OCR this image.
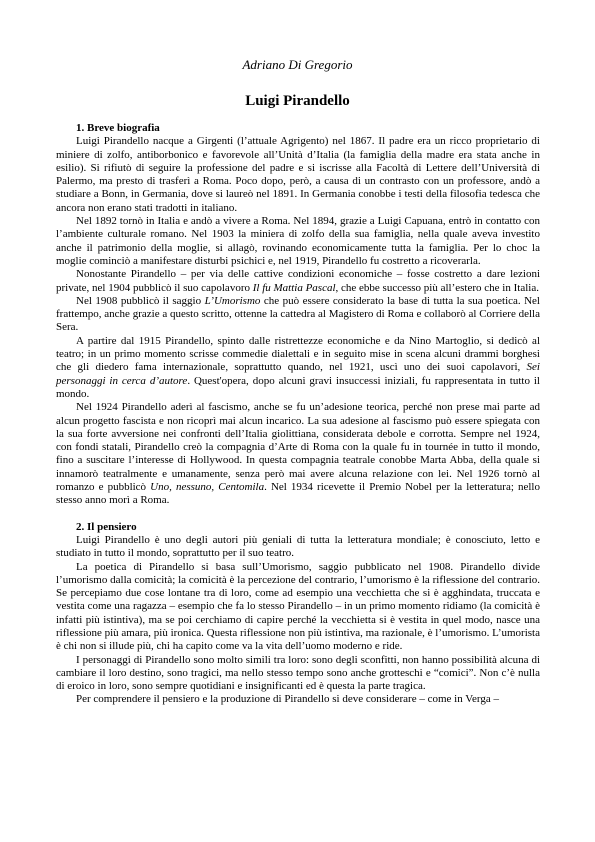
Adriano Di Gregorio
Luigi Pirandello

1. Breve biografia

Luigi Pirandello nacque a Girgenti (l’attuale Agrigento) nel 1867. Il padre era un ricco proprietario di miniere di zolfo, antiborbonico e favorevole all’Unità d’Italia (la famiglia della madre era stata anche in esilio). Si rifiutò di seguire la professione del padre e si iscrisse alla Facoltà di Lettere dell’Università di Palermo, ma presto di trasferì a Roma. Poco dopo, però, a causa di un contrasto con un professore, andò a studiare a Bonn, in Germania, dove si laureò nel 1891. In Germania conobbe i testi della filosofia tedesca che ancora non erano stati tradotti in italiano.

Nel 1892 tornò in Italia e andò a vivere a Roma. Nel 1894, grazie a Luigi Capuana, entrò in contatto con l’ambiente culturale romano. Nel 1903 la miniera di zolfo della sua famiglia, nella quale aveva investito anche il patrimonio della moglie, si allagò, rovinando economicamente tutta la famiglia. Per lo choc la moglie cominciò a manifestare disturbi psichici e, nel 1919, Pirandello fu costretto a ricoverarla.

Nonostante Pirandello – per via delle cattive condizioni economiche – fosse costretto a dare lezioni private, nel 1904 pubblicò il suo capolavoro Il fu Mattia Pascal, che ebbe successo più all’estero che in Italia.

Nel 1908 pubblicò il saggio L’Umorismo che può essere considerato la base di tutta la sua poetica. Nel frattempo, anche grazie a questo scritto, ottenne la cattedra al Magistero di Roma e collaborò al Corriere della Sera.

A partire dal 1915 Pirandello, spinto dalle ristrettezze economiche e da Nino Martoglio, si dedicò al teatro; in un primo momento scrisse commedie dialettali e in seguito mise in scena alcuni drammi borghesi che gli diedero fama internazionale, soprattutto quando, nel 1921, uscì uno dei suoi capolavori, Sei personaggi in cerca d’autore. Quest'opera, dopo alcuni gravi insuccessi iniziali, fu rappresentata in tutto il mondo.

Nel 1924 Pirandello aderì al fascismo, anche se fu un’adesione teorica, perché non prese mai parte ad alcun progetto fascista e non ricoprì mai alcun incarico. La sua adesione al fascismo può essere spiegata con la sua forte avversione nei confronti dell’Italia giolittiana, considerata debole e corrotta. Sempre nel 1924, con fondi statali, Pirandello creò la compagnia d’Arte di Roma con la quale fu in tournée in tutto il mondo, fino a suscitare l’interesse di Hollywood. In questa compagnia teatrale conobbe Marta Abba, della quale si innamorò teatralmente e umanamente, senza però mai avere alcuna relazione con lei. Nel 1926 tornò al romanzo e pubblicò Uno, nessuno, Centomila. Nel 1934 ricevette il Premio Nobel per la letteratura; nello stesso anno morì a Roma.

2. Il pensiero

Luigi Pirandello è uno degli autori più geniali di tutta la letteratura mondiale; è conosciuto, letto e studiato in tutto il mondo, soprattutto per il suo teatro.

La poetica di Pirandello si basa sull’Umorismo, saggio pubblicato nel 1908. Pirandello divide l’umorismo dalla comicità; la comicità è la percezione del contrario, l’umorismo è la riflessione del contrario. Se percepiamo due cose lontane tra di loro, come ad esempio una vecchietta che si è agghindata, truccata e vestita come una ragazza – esempio che fa lo stesso Pirandello – in un primo momento ridiamo (la comicità è infatti più istintiva), ma se poi cerchiamo di capire perché la vecchietta si è vestita in quel modo, nasce una riflessione più amara, più ironica. Questa riflessione non più istintiva, ma razionale, è l’umorismo. L’umorista è chi non si illude più, chi ha capito come va la vita dell’uomo moderno e ride.

I personaggi di Pirandello sono molto simili tra loro: sono degli sconfitti, non hanno possibilità alcuna di cambiare il loro destino, sono tragici, ma nello stesso tempo sono anche grotteschi e “comici”. Non c’è nulla di eroico in loro, sono sempre quotidiani e insignificanti ed è questa la parte tragica.

Per comprendere il pensiero e la produzione di Pirandello si deve considerare – come in Verga –
